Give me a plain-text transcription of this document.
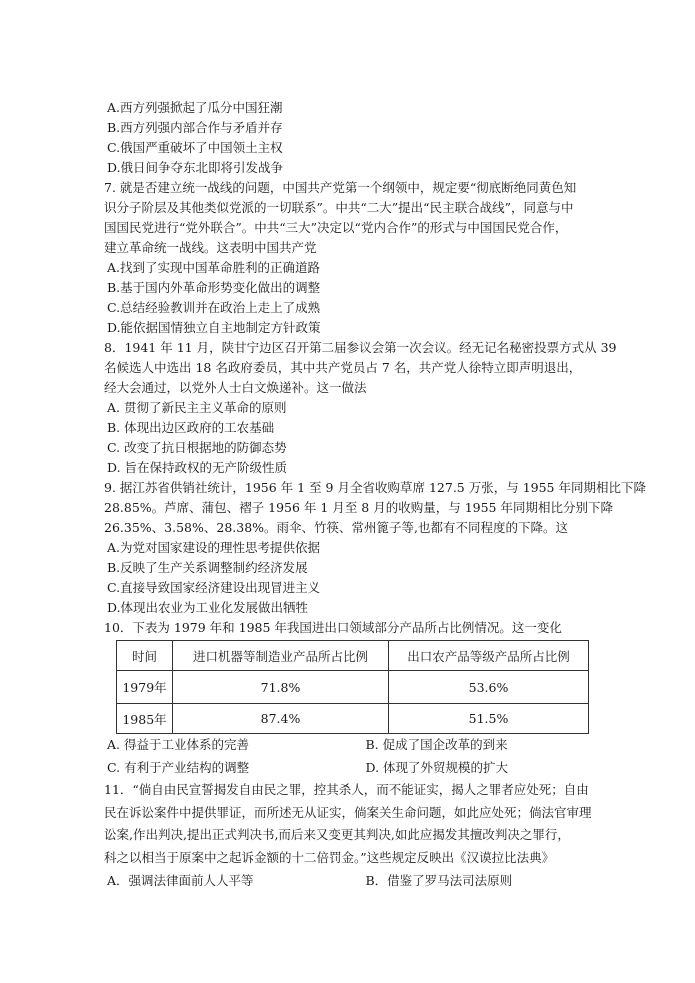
A.西方列强掀起了瓜分中国狂潮
B.西方列强内部合作与矛盾并存
C.俄国严重破坏了中国领土主权
D.俄日间争夺东北即将引发战争
7. 就是否建立统一战线的问题，中国共产党第一个纲领中，规定要“彻底断绝同黄色知
识分子阶层及其他类似党派的一切联系”。中共“二大”提出“民主联合战线”，同意与中
国国民党进行“党外联合”。中共“三大”决定以“党内合作”的形式与中国国民党合作，
建立革命统一战线。这表明中国共产党
A.找到了实现中国革命胜利的正确道路
B.基于国内外革命形势变化做出的调整
C.总结经验教训并在政治上走上了成熟
D.能依据国情独立自主地制定方针政策
8．1941 年 11 月，陕甘宁边区召开第二届参议会第一次会议。经无记名秘密投票方式从 39
名候选人中选出 18 名政府委员，其中共产党员占 7 名，共产党人徐特立即声明退出，
经大会通过，以党外人士白文焕递补。这一做法
A. 贯彻了新民主主义革命的原则
B. 体现出边区政府的工农基础
C. 改变了抗日根据地的防御态势
D. 旨在保持政权的无产阶级性质
9. 据江苏省供销社统计，1956 年 1 至 9 月全省收购草席 127.5 万张，与 1955 年同期相比下降
28.85%。芦席、蒲包、褶子 1956 年 1 月至 8 月的收购量，与 1955 年同期相比分别下降
26.35%、3.58%、28.38%。雨伞、竹筷、常州篦子等,也都有不同程度的下降。这
A.为党对国家建设的理性思考提供依据
B.反映了生产关系调整制约经济发展
C.直接导致国家经济建设出现冒进主义
D.体现出农业为工业化发展做出牺牲
10．下表为 1979 年和 1985 年我国进出口领域部分产品所占比例情况。这一变化
时间	进口机器等制造业产品所占比例	出口农产品等级产品所占比例
1979年	71.8%	53.6%
1985年	87.4%	51.5%
A. 得益于工业体系的完善	B. 促成了国企改革的到来
C. 有利于产业结构的调整	D. 体现了外贸规模的扩大
11．“倘自由民宣誓揭发自由民之罪，控其杀人，而不能证实，揭人之罪者应处死；自由
民在诉讼案件中提供罪证，而所述无从证实，倘案关生命问题，如此应处死；倘法官审理
讼案,作出判决,提出正式判决书,而后来又变更其判决,如此应揭发其擅改判决之罪行，
科之以相当于原案中之起诉金额的十二倍罚金。”这些规定反映出《汉谟拉比法典》
A．强调法律面前人人平等	B．借鉴了罗马法司法原则
